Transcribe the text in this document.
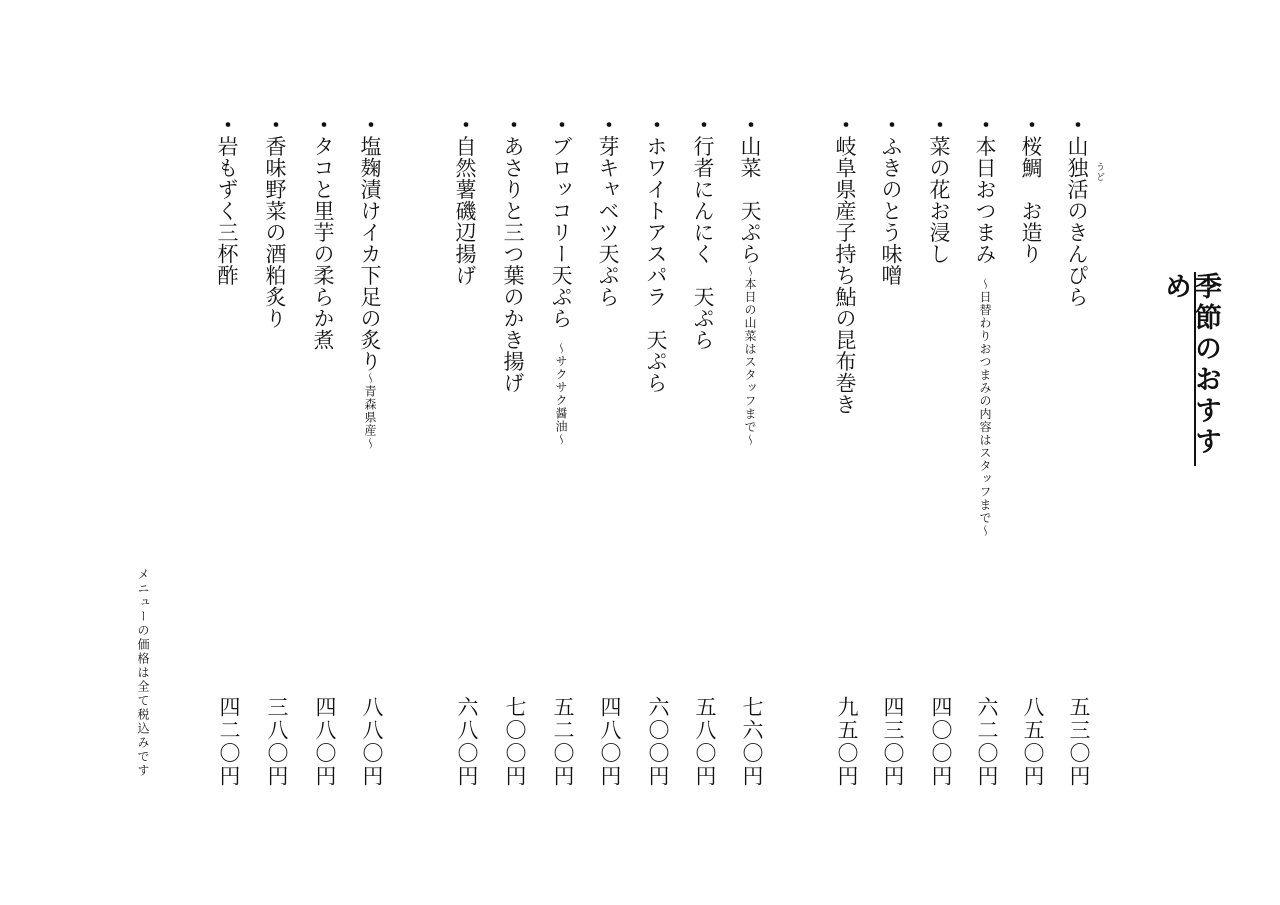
季節のおすすめ
うど
・山独活のきんぴら
五三〇円
・桜鯛　お造り
八五〇円
・本日おつまみ　～日替わりおつまみの内容はスタッフまで～
六二〇円
・菜の花お浸し
四〇〇円
・ふきのとう味噌
四三〇円
・岐阜県産子持ち鮎の昆布巻き
九五〇円
・山菜　天ぷら～本日の山菜はスタッフまで～
七六〇円
・行者にんにく　天ぷら
五八〇円
・ホワイトアスパラ　天ぷら
六〇〇円
・芽キャベツ天ぷら
四八〇円
・ブロッコリー天ぷら　～サクサク醤油～
五二〇円
・あさりと三つ葉のかき揚げ
七〇〇円
・自然薯磯辺揚げ
六八〇円
・塩麹漬けイカ下足の炙り～青森県産～
八八〇円
・タコと里芋の柔らか煮
四八〇円
・香味野菜の酒粕炙り
三八〇円
・岩もずく三杯酢
四二〇円
メニューの価格は全て税込みです
